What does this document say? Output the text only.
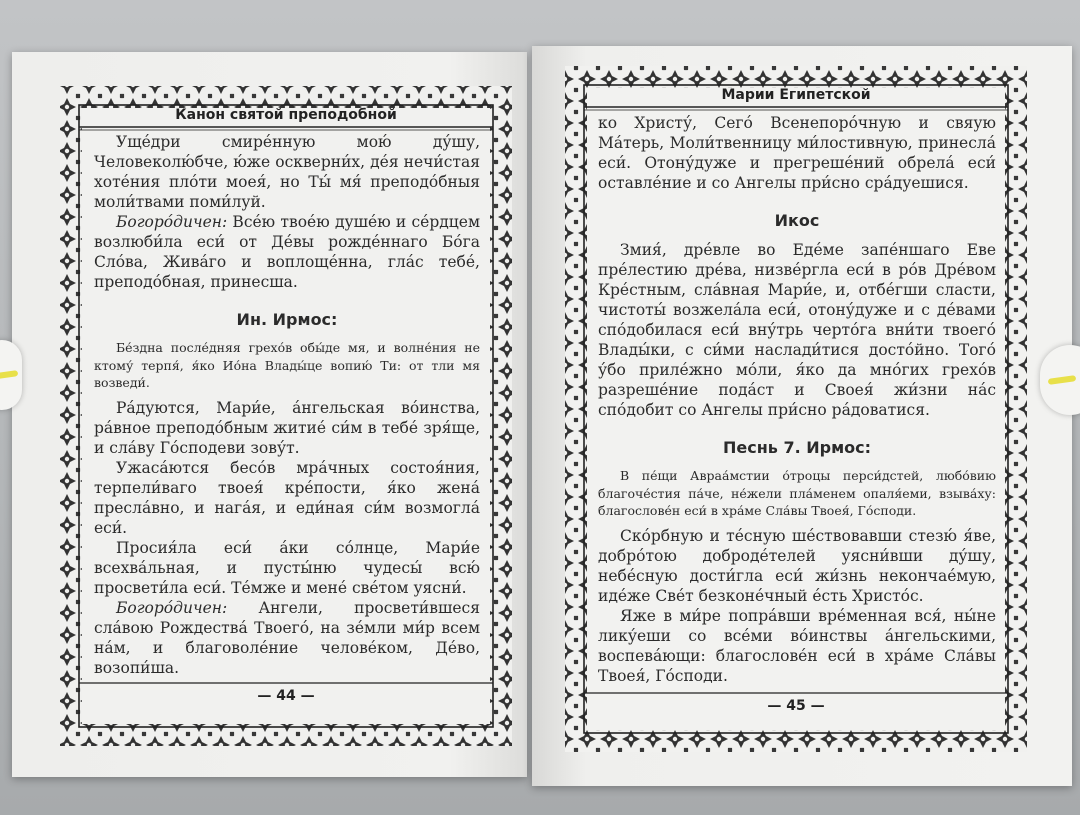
Канон святой преподобной

Уще́дри смире́нную мою́ ду́шу, Человеколю́бче, ю́же оскверни́х, де́я нечи́стая хоте́ния пло́ти моея́, но Ты́ мя́ преподо́бныя моли́твами поми́луй.

Богоро́дичен: Все́ю твое́ю душе́ю и се́рдцем возлюби́ла еси́ от Де́вы рожде́ннаго Бо́га Сло́ва, Жива́го и воплоще́нна, гла́с тебе́, преподо́бная, принесша.

Ин. Ирмос:

Бе́здна после́дняя грехо́в обы́де мя, и волне́ния не ктому́ терпя́, я́ко Ио́на Влады́це вопию́ Ти: от тли мя возведи́.

Ра́дуются, Мари́е, а́нгельская во́инства, ра́вное преподо́бным житие́ си́м в тебе́ зря́ще, и сла́ву Го́сподеви зову́т.

Ужаса́ются бесо́в мра́чных состоя́ния, терпели́ваго твоея́ кре́пости, я́ко жена́ пресла́вно, и нага́я, и еди́ная си́м возмогла́ еси́.

Просия́ла еси́ а́ки со́лнце, Мари́е всехва́льная, и пусты́ню чудесы́ всю́ просвети́ла еси́. Те́мже и мене́ све́том уясни́.

Богоро́дичен: Ангели, просвети́вшеся сла́вою Рождества́ Твоего́, на зе́мли ми́р всем на́м, и благоволе́ние челове́ком, Де́во, возопи́ша.

— 44 —
Марии Египетской

ко Христу́, Сего́ Всенепоро́чную и свяую Ма́терь, Моли́твенницу ми́лостивную, принесла́ еси́. Отону́дуже и прегреше́ний обрела́ еси́ оставле́ние и со Ангелы при́сно сра́дуешися.

Икос

Змия́, дре́вле во Еде́ме запе́ншаго Еве пре́лестию дре́ва, низве́ргла еси́ в ро́в Дре́вом Кре́стным, сла́вная Мари́е, и, отбе́гши сласти, чистоты́ возжела́ла еси́, отону́дуже и с де́вами спо́добилася еси́ вну́трь черто́га вни́ти твоего́ Влады́ки, с си́ми наслади́тися досто́йно. Того́ у́бо приле́жно мо́ли, я́ко да мно́гих грехо́в разреше́ние пода́ст и Своея́ жи́зни на́с спо́добит со Ангелы при́сно ра́доватися.

Песнь 7. Ирмос:

В пе́щи Авраа́мстии о́троцы перси́дстей, любо́вию благоче́стия па́че, не́жели пла́менем опаля́еми, взыва́ху: благослове́н еси́ в хра́ме Сла́вы Твоея́, Го́споди.

Ско́рбную и те́сную ше́ствовавши стезю́ я́ве, добро́тою доброде́телей уясни́вши ду́шу, небе́сную дости́гла еси́ жи́знь некончае́мую, иде́же Све́т безконе́чный е́сть Христо́с.

Яже в ми́ре попра́вши вре́менная вся́, ны́не лику́еши со все́ми во́инствы а́нгельскими, воспева́ющи: благослове́н еси́ в хра́ме Сла́вы Твоея́, Го́споди.

— 45 —
